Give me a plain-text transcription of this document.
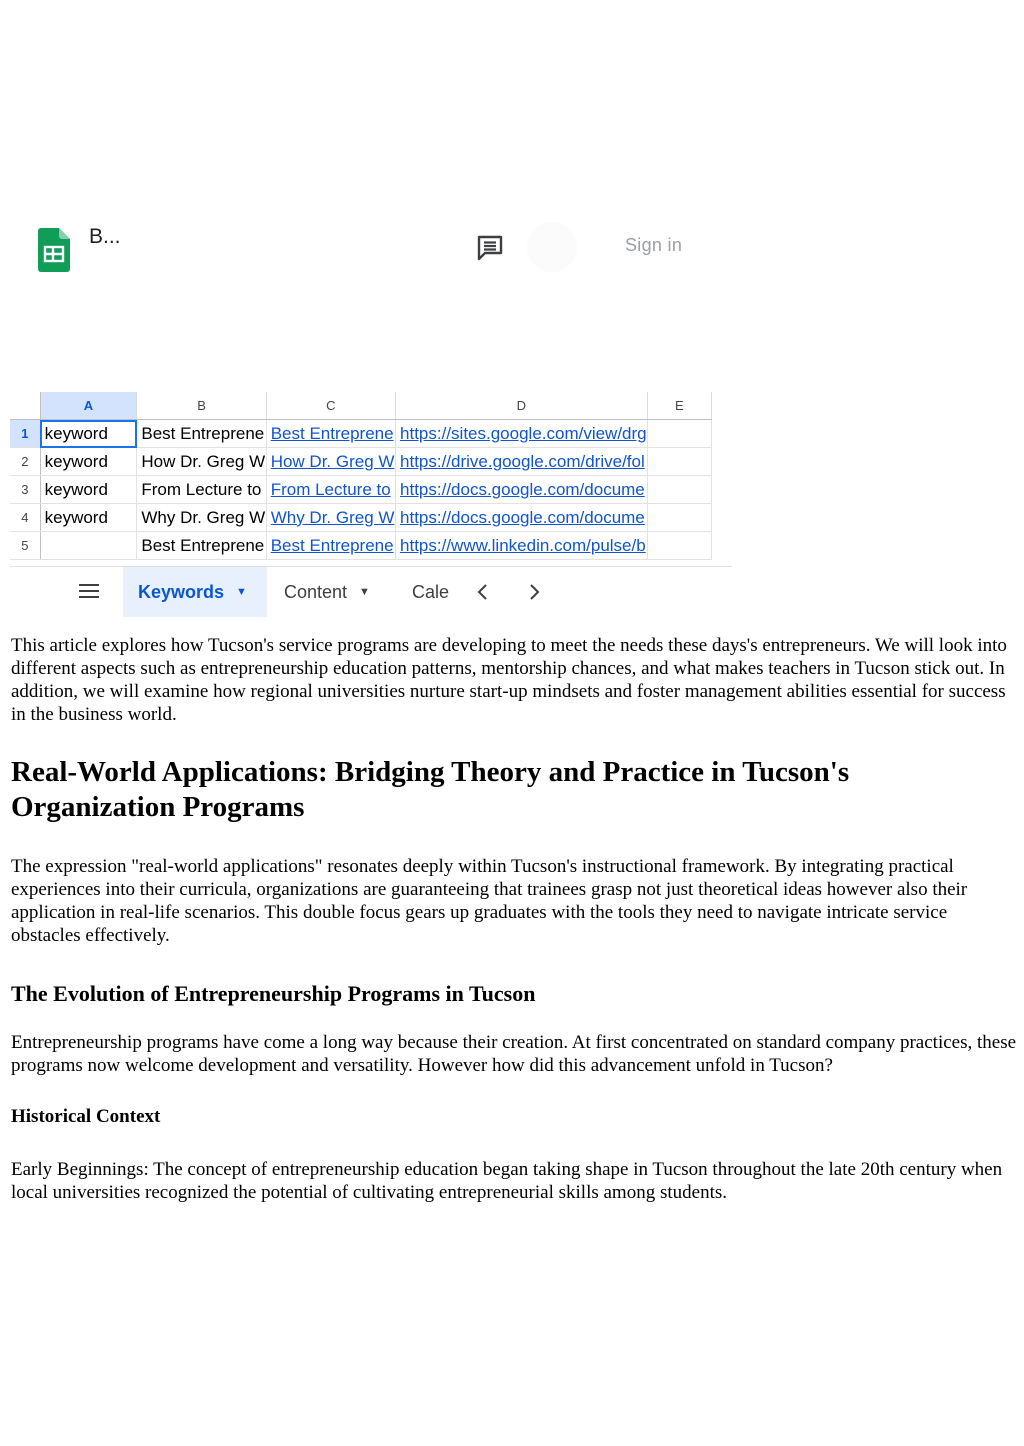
B...	Sign in
	A	B	C	D	E
1	keyword	Best Entreprene	Best Entreprene	https://sites.google.com/view/drg	
2	keyword	How Dr. Greg W	How Dr. Greg W	https://drive.google.com/drive/fol	
3	keyword	From Lecture to	From Lecture to	https://docs.google.com/docume	
4	keyword	Why Dr. Greg W	Why Dr. Greg W	https://docs.google.com/docume	
5		Best Entreprene	Best Entreprene	https://www.linkedin.com/pulse/b	
Keywords ▼ Content ▼ Cale

This article explores how Tucson's service programs are developing to meet the needs these days's entrepreneurs. We will look into different aspects such as entrepreneurship education patterns, mentorship chances, and what makes teachers in Tucson stick out. In addition, we will examine how regional universities nurture start-up mindsets and foster management abilities essential for success in the business world.

Real-World Applications: Bridging Theory and Practice in Tucson's Organization Programs

The expression "real-world applications" resonates deeply within Tucson's instructional framework. By integrating practical experiences into their curricula, organizations are guaranteeing that trainees grasp not just theoretical ideas however also their application in real-life scenarios. This double focus gears up graduates with the tools they need to navigate intricate service obstacles effectively.

The Evolution of Entrepreneurship Programs in Tucson

Entrepreneurship programs have come a long way because their creation. At first concentrated on standard company practices, these programs now welcome development and versatility. However how did this advancement unfold in Tucson?

Historical Context

Early Beginnings: The concept of entrepreneurship education began taking shape in Tucson throughout the late 20th century when local universities recognized the potential of cultivating entrepreneurial skills among students.
